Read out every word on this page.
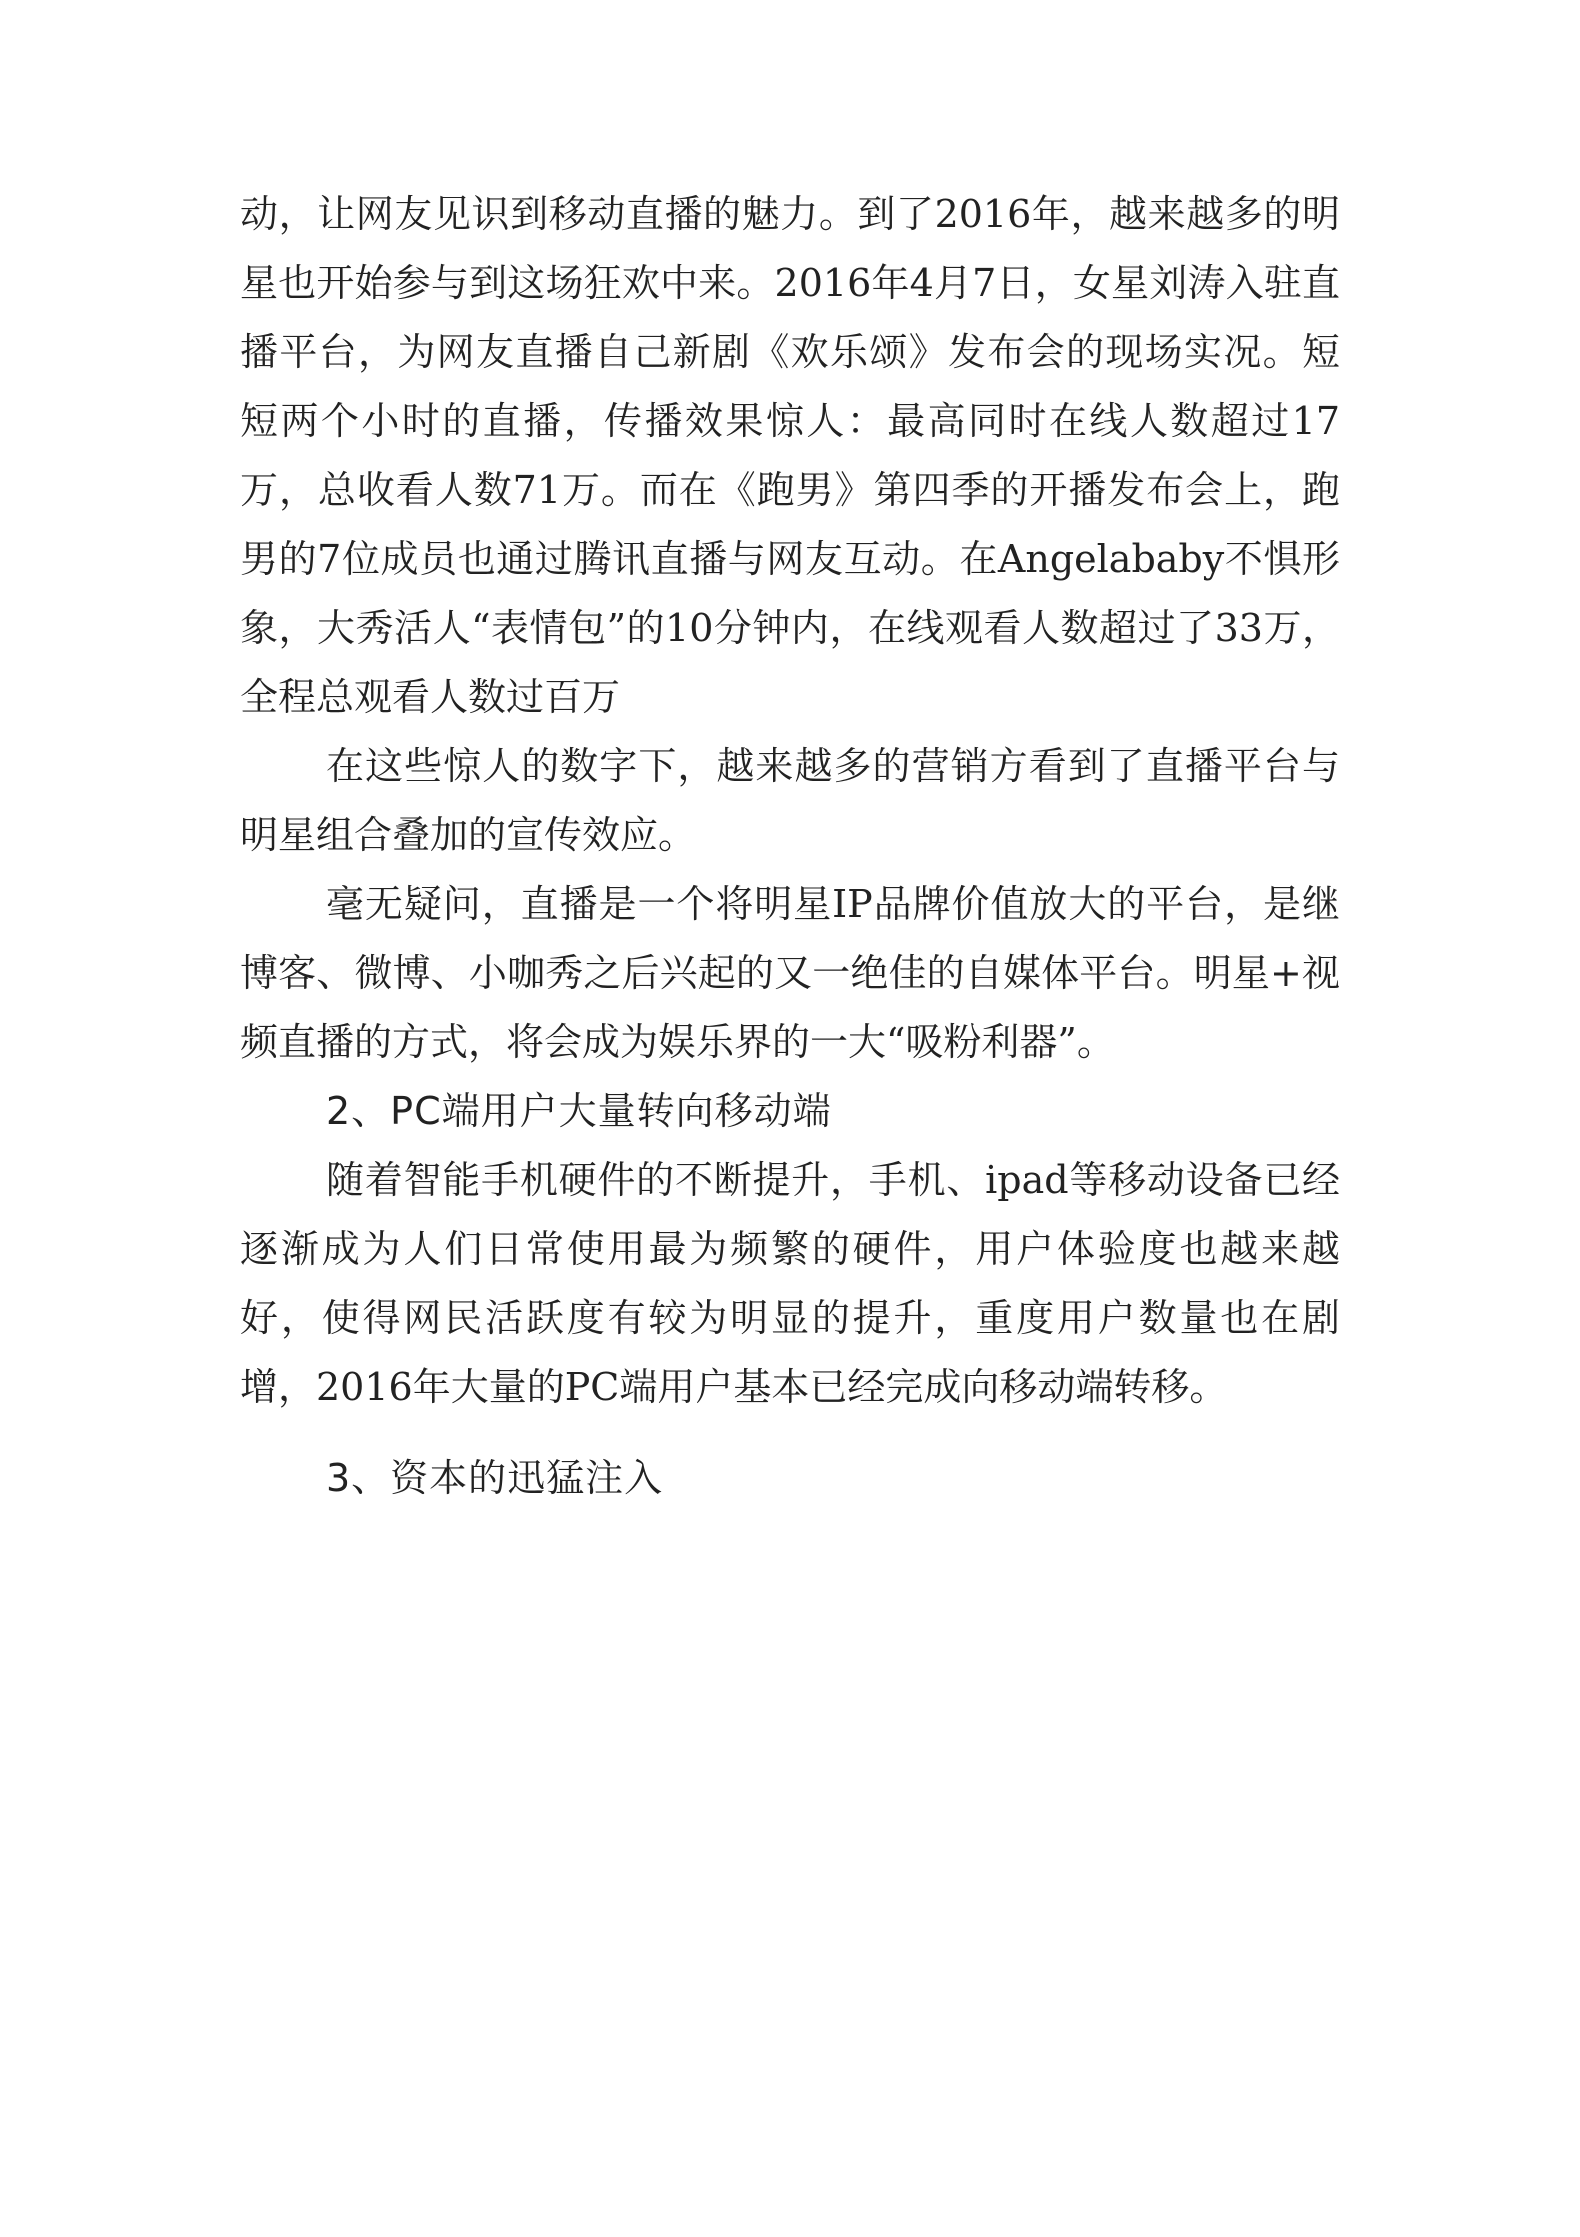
动，让网友见识到移动直播的魅力。到了2016年，越来越多的明星也开始参与到这场狂欢中来。2016年4月7日，女星刘涛入驻直播平台，为网友直播自己新剧《欢乐颂》发布会的现场实况。短短两个小时的直播，传播效果惊人：最高同时在线人数超过17万，总收看人数71万。而在《跑男》第四季的开播发布会上，跑男的7位成员也通过腾讯直播与网友互动。在Angelababy不惧形象，大秀活人“表情包”的10分钟内，在线观看人数超过了33万，全程总观看人数过百万

在这些惊人的数字下，越来越多的营销方看到了直播平台与明星组合叠加的宣传效应。

毫无疑问，直播是一个将明星IP品牌价值放大的平台，是继博客、微博、小咖秀之后兴起的又一绝佳的自媒体平台。明星+视频直播的方式，将会成为娱乐界的一大“吸粉利器”。

2、PC端用户大量转向移动端

随着智能手机硬件的不断提升，手机、ipad等移动设备已经逐渐成为人们日常使用最为频繁的硬件，用户体验度也越来越好，使得网民活跃度有较为明显的提升，重度用户数量也在剧增，2016年大量的PC端用户基本已经完成向移动端转移。

3、资本的迅猛注入
